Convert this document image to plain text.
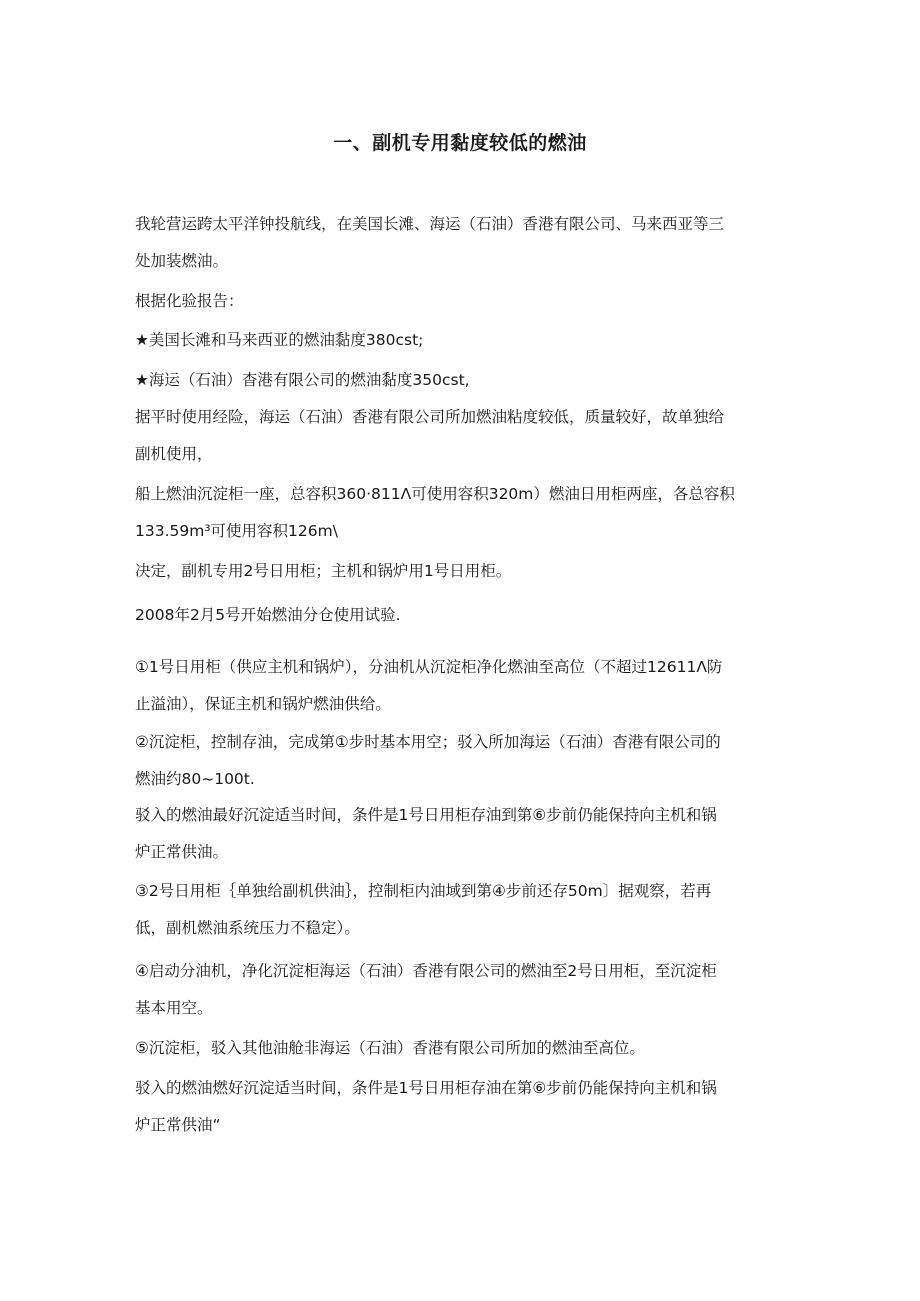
一、副机专用黏度较低的燃油

我轮营运跨太平洋钟投航线，在美国长滩、海运（石油）香港有限公司、马来西亚等三

处加装燃油。

根据化验报告：

★美国长滩和马来西亚的燃油黏度380cst;

★海运（石油）杳港有限公司的燃油黏度350cst,

据平时使用经险，海运（石油）香港有限公司所加燃油粘度较低，质量较好，故单独给

副机使用，

船上燃油沉淀柜一座，总容积360·811Λ可使用容积320m）燃油日用柜两座，各总容积

133.59m³可使用容积126m\

决定，副机专用2号日用柜；主机和锅炉用1号日用柜。

2008年2月5号开始燃油分仓使用试验.

①1号日用柜（供应主机和锅炉），分油机从沉淀柜净化燃油至高位（不超过12611Λ防

止溢油），保证主机和锅炉燃油供给。

②沉淀柜，控制存油，完成第①步时基本用空；驳入所加海运（石油）杳港有限公司的

燃油约80~100t.

驳入的燃油最好沉淀适当时间，条件是1号日用柜存油到第⑥步前仍能保持向主机和锅

炉正常供油。

③2号日用柜｛单独给副机供油｝，控制柜内油域到第④步前还存50m〕据观察，若再

低，副机燃油系统压力不稳定）。

④启动分油机，净化沉淀柜海运（石油）香港有限公司的燃油至2号日用柜，至沉淀柜

基本用空。

⑤沉淀柜，驳入其他油舱非海运（石油）香港有限公司所加的燃油至高位。

驳入的燃油燃好沉淀适当时间，条件是1号日用柜存油在第⑥步前仍能保持向主机和锅

炉正常供油“
